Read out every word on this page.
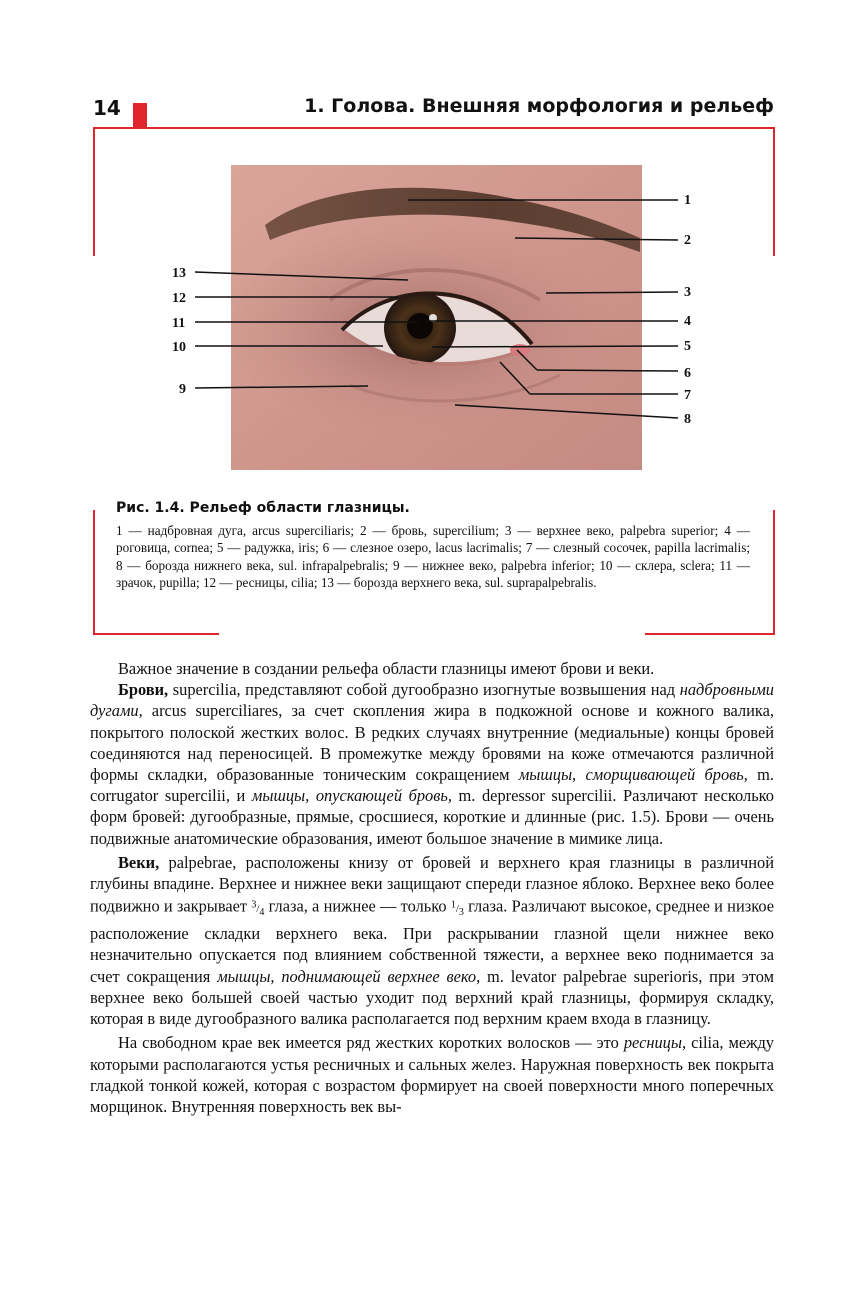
14	1. Голова. Внешняя морфология и рельеф
1
2
3
4
5
6
7
8
9
10
11
12
13
Рис. 1.4. Рельеф области глазницы.
1 — надбровная дуга, arcus superciliaris; 2 — бровь, supercilium; 3 — верхнее веко, palpebra superior; 4 — роговица, cornea; 5 — радужка, iris; 6 — слезное озеро, lacus lacrimalis; 7 — слезный сосочек, papilla lacrimalis; 8 — борозда нижнего века, sul. infrapalpebralis; 9 — нижнее веко, palpebra inferior; 10 — склера, sclera; 11 — зрачок, pupilla; 12 — ресницы, cilia; 13 — борозда верхнего века, sul. suprapalpebralis.

Важное значение в создании рельефа области глазницы имеют брови и веки.

Брови, supercilia, представляют собой дугообразно изогнутые возвышения над надбровными дугами, arcus superciliares, за счет скопления жира в подкожной основе и кожного валика, покрытого полоской жестких волос. В редких случаях внутренние (медиальные) концы бровей соединяются над переносицей. В промежутке между бровями на коже отмечаются различной формы складки, образованные тоническим сокращением мышцы, сморщивающей бровь, m. corrugator supercilii, и мышцы, опускающей бровь, m. depressor supercilii. Различают несколько форм бровей: дугообразные, прямые, сросшиеся, короткие и длинные (рис. 1.5). Брови — очень подвижные анатомические образования, имеют большое значение в мимике лица.

Веки, palpebrae, расположены книзу от бровей и верхнего края глазницы в различной глубины впадине. Верхнее и нижнее веки защищают спереди глазное яблоко. Верхнее веко более подвижно и закрывает $^3/_4$ глаза, а нижнее — только $^1/_3$ глаза. Различают высокое, среднее и низкое расположение складки верхнего века. При раскрывании глазной щели нижнее веко незначительно опускается под влиянием собственной тяжести, а верхнее веко поднимается за счет сокращения мышцы, поднимающей верхнее веко, m. levator palpebrae superioris, при этом верхнее веко большей своей частью уходит под верхний край глазницы, формируя складку, которая в виде дугообразного валика располагается под верхним краем входа в глазницу.

На свободном крае век имеется ряд жестких коротких волосков — это ресницы, cilia, между которыми располагаются устья ресничных и сальных желез. Наружная поверхность век покрыта гладкой тонкой кожей, которая с возрастом формирует на своей поверхности много поперечных морщинок. Внутренняя поверхность век вы-
